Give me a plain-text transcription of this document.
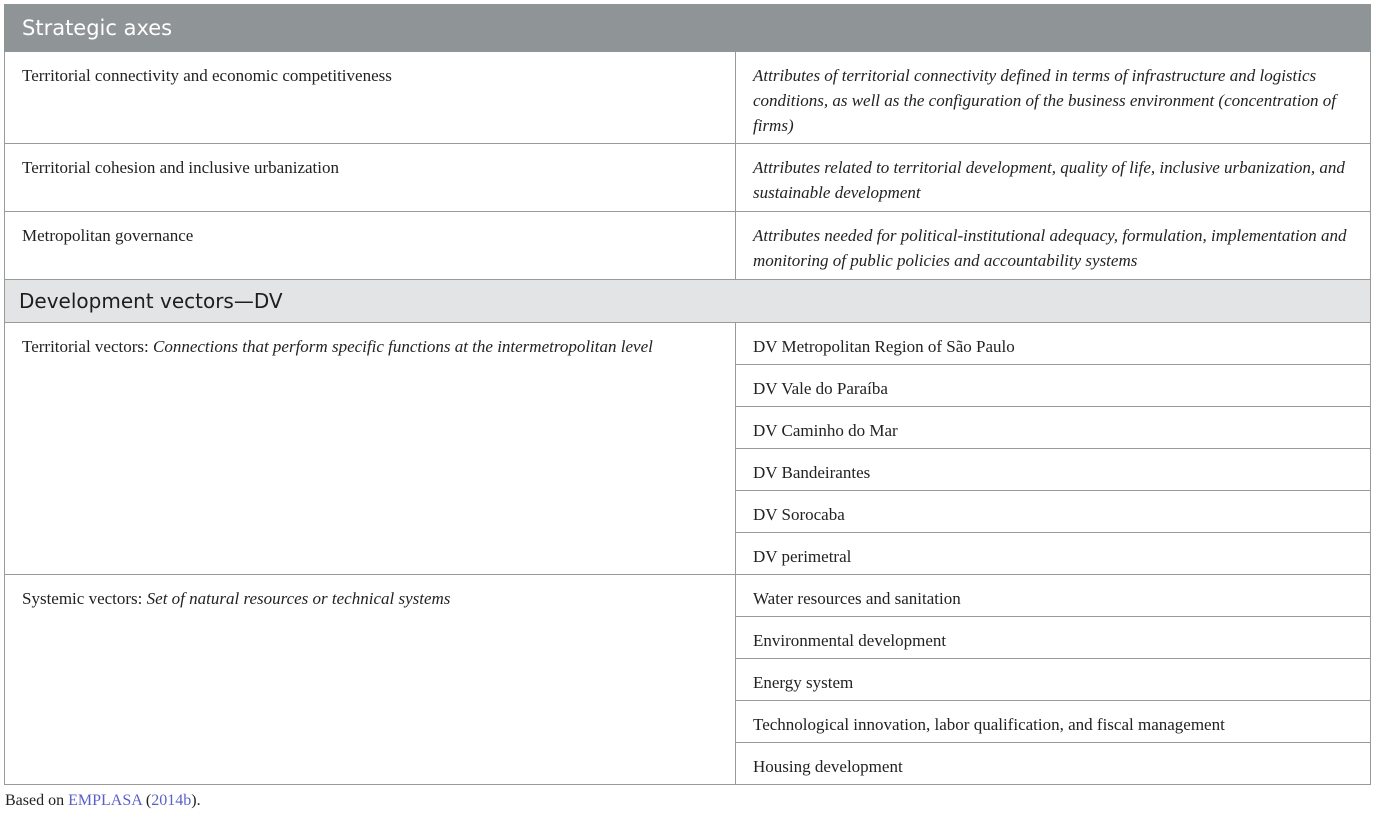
Strategic axes	
Territorial connectivity and economic competitiveness	Attributes of territorial connectivity defined in terms of infrastructure and logistics conditions, as well as the configuration of the business environment (concentration of firms)
Territorial cohesion and inclusive urbanization	Attributes related to territorial development, quality of life, inclusive urbanization, and sustainable development
Metropolitan governance	Attributes needed for political-institutional adequacy, formulation, implementation and monitoring of public policies and accountability systems
Development vectors—DV	
Territorial vectors: Connections that perform specific functions at the intermetropolitan level	DV Metropolitan Region of São Paulo
	DV Vale do Paraíba
	DV Caminho do Mar
	DV Bandeirantes
	DV Sorocaba
	DV perimetral
Systemic vectors: Set of natural resources or technical systems	Water resources and sanitation
	Environmental development
	Energy system
	Technological innovation, labor qualification, and fiscal management
	Housing development
Based on EMPLASA (2014b).
